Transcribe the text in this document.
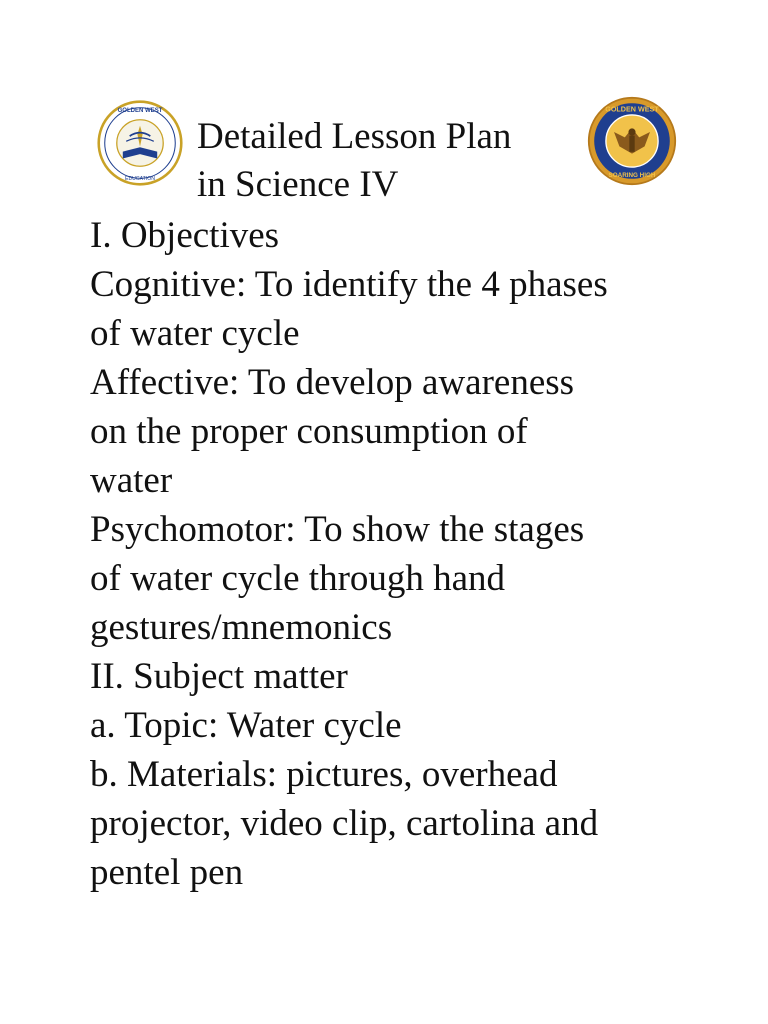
GOLDEN WEST
EDUCATION
Detailed Lesson Plan
in Science IV
GOLDEN WEST
SOARING HIGH
I. Objectives
Cognitive: To identify the 4 phases
of water cycle
Affective: To develop awareness
on the proper consumption of
water
Psychomotor: To show the stages
of water cycle through hand
gestures/mnemonics
II. Subject matter
a. Topic: Water cycle
b. Materials: pictures, overhead
projector, video clip, cartolina and
pentel pen
